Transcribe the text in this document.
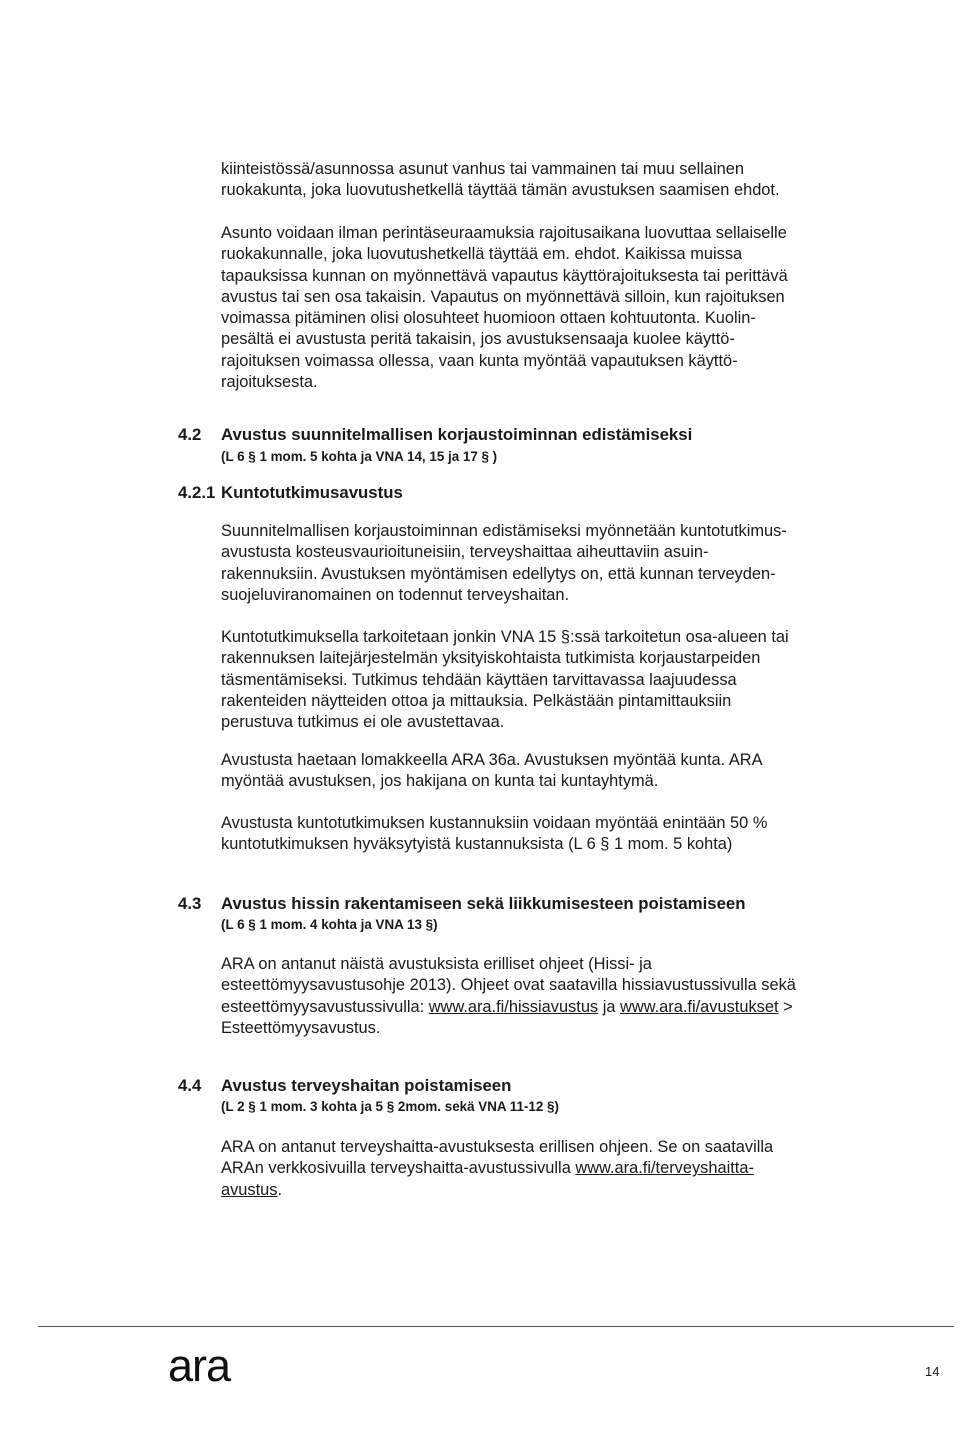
kiinteistössä/asunnossa asunut vanhus tai vammainen tai muu sellainen
ruokakunta, joka luovutushetkellä täyttää tämän avustuksen saamisen ehdot.

Asunto voidaan ilman perintäseuraamuksia rajoitusaikana luovuttaa sellaiselle
ruokakunnalle, joka luovutushetkellä täyttää em. ehdot. Kaikissa muissa
tapauksissa kunnan on myönnettävä vapautus käyttörajoituksesta tai perittävä
avustus tai sen osa takaisin. Vapautus on myönnettävä silloin, kun rajoituksen
voimassa pitäminen olisi olosuhteet huomioon ottaen kohtuutonta. Kuolin-
pesältä ei avustusta peritä takaisin, jos avustuksensaaja kuolee käyttö-
rajoituksen voimassa ollessa, vaan kunta myöntää vapautuksen käyttö-
rajoituksesta.

4.2 Avustus suunnitelmallisen korjaustoiminnan edistämiseksi
(L 6 § 1 mom. 5 kohta ja VNA 14, 15 ja 17 § )
4.2.1 Kuntotutkimusavustus

Suunnitelmallisen korjaustoiminnan edistämiseksi myönnetään kuntotutkimus-
avustusta kosteusvaurioituneisiin, terveyshaittaa aiheuttaviin asuin-
rakennuksiin. Avustuksen myöntämisen edellytys on, että kunnan terveyden-
suojeluviranomainen on todennut terveyshaitan.

Kuntotutkimuksella tarkoitetaan jonkin VNA 15 §:ssä tarkoitetun osa-alueen tai
rakennuksen laitejärjestelmän yksityiskohtaista tutkimista korjaustarpeiden
täsmentämiseksi. Tutkimus tehdään käyttäen tarvittavassa laajuudessa
rakenteiden näytteiden ottoa ja mittauksia. Pelkästään pintamittauksiin
perustuva tutkimus ei ole avustettavaa.

Avustusta haetaan lomakkeella ARA 36a. Avustuksen myöntää kunta. ARA
myöntää avustuksen, jos hakijana on kunta tai kuntayhtymä.

Avustusta kuntotutkimuksen kustannuksiin voidaan myöntää enintään 50 %
kuntotutkimuksen hyväksytyistä kustannuksista (L 6 § 1 mom. 5 kohta)

4.3 Avustus hissin rakentamiseen sekä liikkumisesteen poistamiseen
(L 6 § 1 mom. 4 kohta ja VNA 13 §)

ARA on antanut näistä avustuksista erilliset ohjeet (Hissi- ja
esteettömyysavustusohje 2013). Ohjeet ovat saatavilla hissiavustussivulla sekä
esteettömyysavustussivulla: www.ara.fi/hissiavustus ja www.ara.fi/avustukset >
Esteettömyysavustus.

4.4 Avustus terveyshaitan poistamiseen
(L 2 § 1 mom. 3 kohta ja 5 § 2mom. sekä VNA 11-12 §)

ARA on antanut terveyshaitta-avustuksesta erillisen ohjeen. Se on saatavilla
ARAn verkkosivuilla terveyshaitta-avustussivulla www.ara.fi/terveyshaitta-
avustus.

ara	14
